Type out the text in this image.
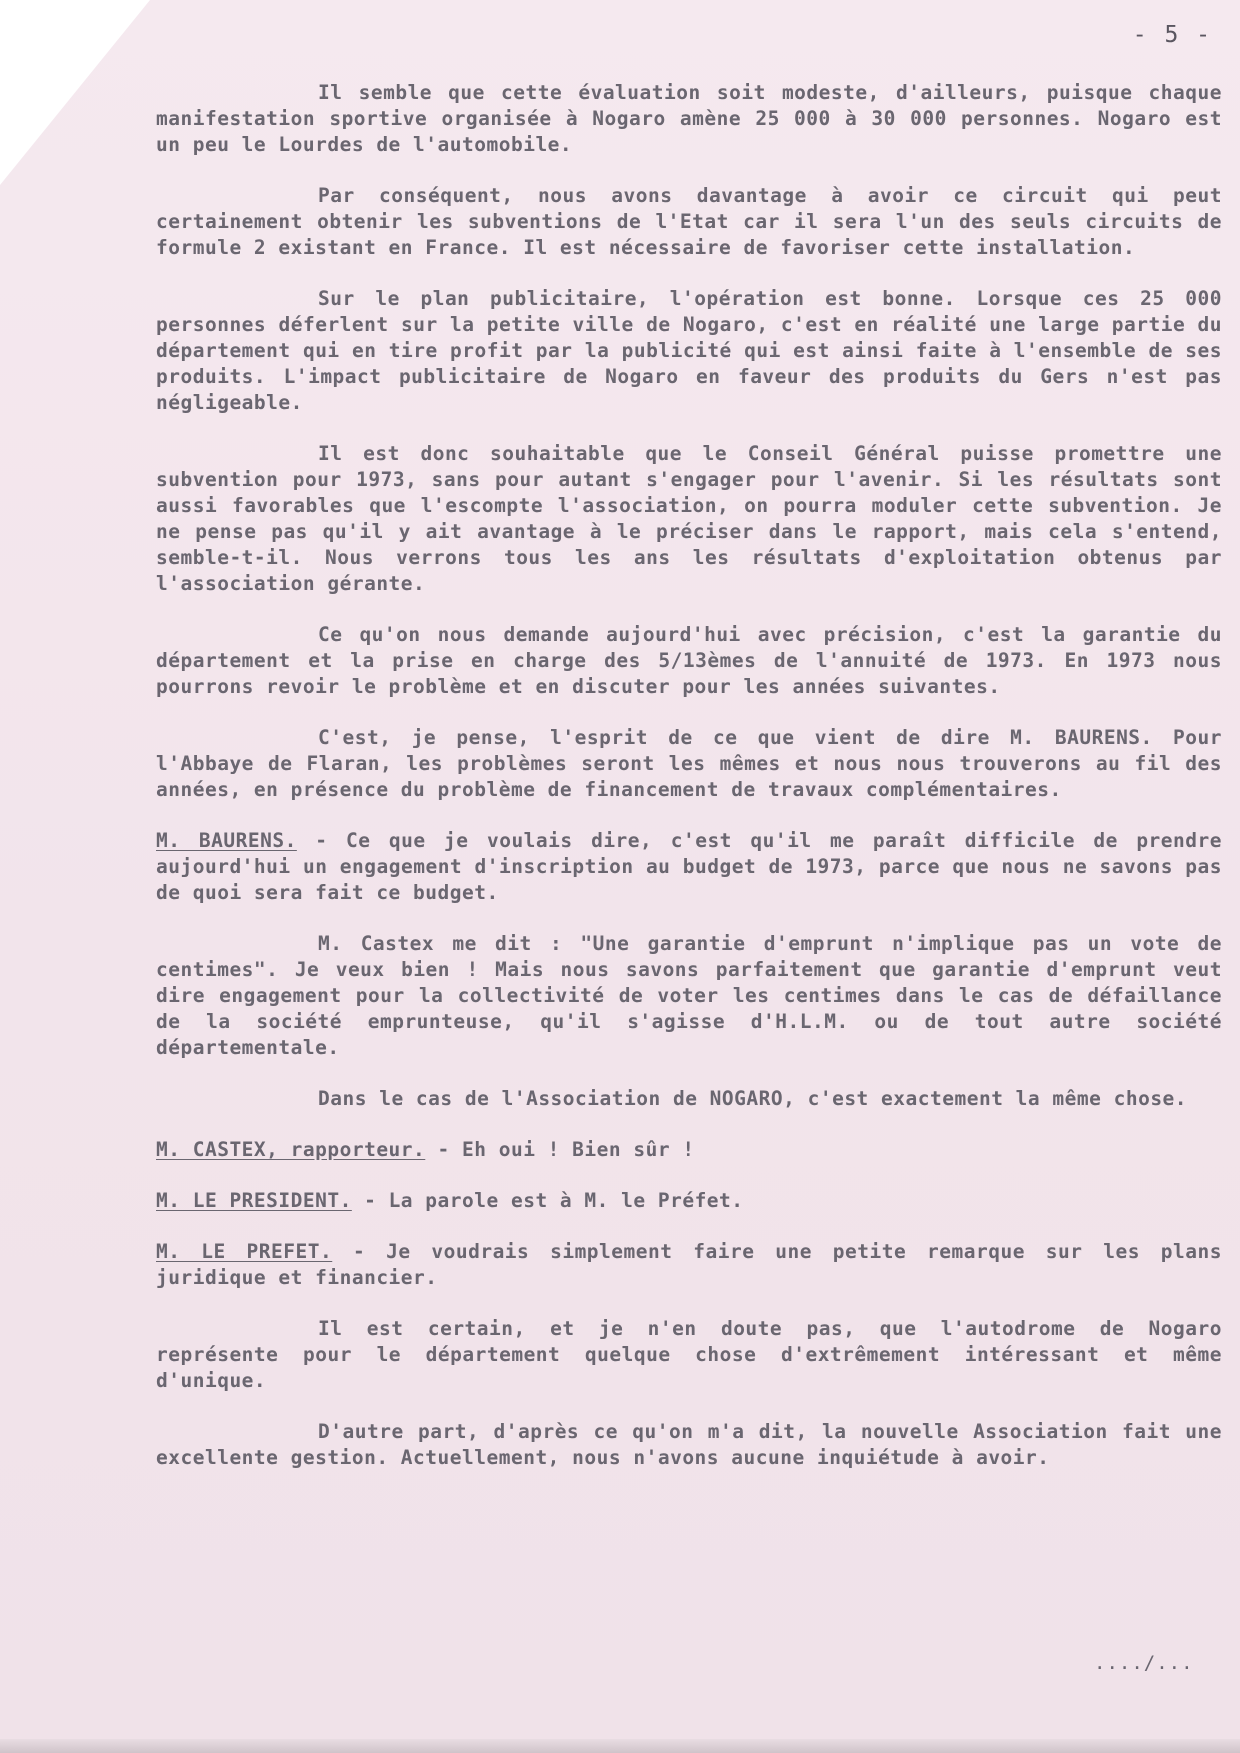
- 5 -

Il semble que cette évaluation soit modeste, d'ailleurs, puisque chaque manifestation sportive organisée à Nogaro amène 25 000 à 30 000 personnes. Nogaro est un peu le Lourdes de l'automobile.

Par conséquent, nous avons davantage à avoir ce circuit qui peut certainement obtenir les subventions de l'Etat car il sera l'un des seuls circuits de formule 2 existant en France. Il est nécessaire de favoriser cette installation.

Sur le plan publicitaire, l'opération est bonne. Lorsque ces 25 000 personnes déferlent sur la petite ville de Nogaro, c'est en réalité une large partie du département qui en tire profit par la publicité qui est ainsi faite à l'ensemble de ses produits. L'impact publicitaire de Nogaro en faveur des produits du Gers n'est pas négligeable.

Il est donc souhaitable que le Conseil Général puisse promettre une subvention pour 1973, sans pour autant s'engager pour l'avenir. Si les résultats sont aussi favorables que l'escompte l'association, on pourra moduler cette subvention. Je ne pense pas qu'il y ait avantage à le préciser dans le rapport, mais cela s'entend, semble-t-il. Nous verrons tous les ans les résultats d'exploitation obtenus par l'association gérante.

Ce qu'on nous demande aujourd'hui avec précision, c'est la garantie du département et la prise en charge des 5/13èmes de l'annuité de 1973. En 1973 nous pourrons revoir le problème et en discuter pour les années suivantes.

C'est, je pense, l'esprit de ce que vient de dire M. BAURENS. Pour l'Abbaye de Flaran, les problèmes seront les mêmes et nous nous trouverons au fil des années, en présence du problème de financement de travaux complémentaires.

M. BAURENS. - Ce que je voulais dire, c'est qu'il me paraît difficile de prendre aujourd'hui un engagement d'inscription au budget de 1973, parce que nous ne savons pas de quoi sera fait ce budget.

M. Castex me dit : "Une garantie d'emprunt n'implique pas un vote de centimes". Je veux bien ! Mais nous savons parfaitement que garantie d'emprunt veut dire engagement pour la collectivité de voter les centimes dans le cas de défaillance de la société emprunteuse, qu'il s'agisse d'H.L.M. ou de tout autre société départementale.

Dans le cas de l'Association de NOGARO, c'est exactement la même chose.

M. CASTEX, rapporteur. - Eh oui ! Bien sûr !

M. LE PRESIDENT. - La parole est à M. le Préfet.

M. LE PREFET. - Je voudrais simplement faire une petite remarque sur les plans juridique et financier.

Il est certain, et je n'en doute pas, que l'autodrome de Nogaro représente pour le département quelque chose d'extrêmement intéressant et même d'unique.

D'autre part, d'après ce qu'on m'a dit, la nouvelle Association fait une excellente gestion. Actuellement, nous n'avons aucune inquiétude à avoir.

..../...
